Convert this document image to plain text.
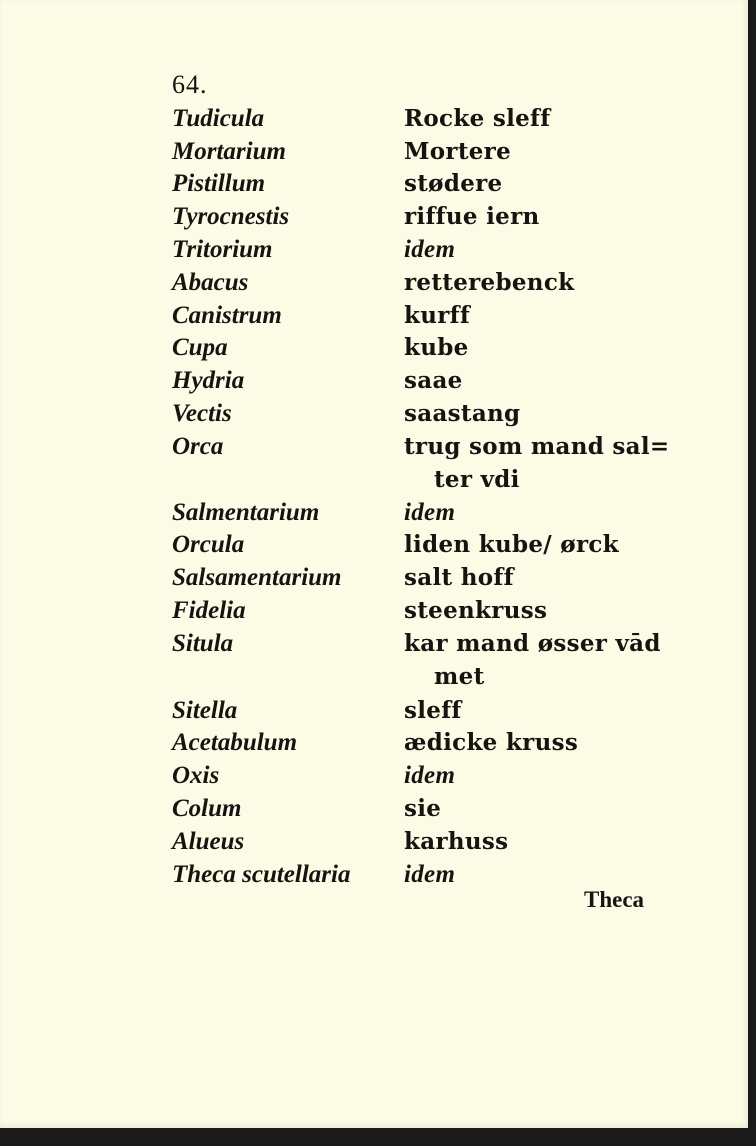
64.
Tudicula	Rocke sleff
Mortarium	Mortere
Pistillum	stødere
Tyrocnestis	riffue iern
Tritorium	idem
Abacus	retterebenck
Canistrum	kurff
Cupa	kube
Hydria	saae
Vectis	saastang
Orca	trug som mand sal=
ter vdi
Salmentarium	idem
Orcula	liden kube/ ørck
Salsamentarium	salt hoff
Fidelia	steenkruss
Situla	kar mand øsser vād
met
Sitella	sleff
Acetabulum	ædicke kruss
Oxis	idem
Colum	sie
Alueus	karhuss
Theca scutellaria idem
Theca
